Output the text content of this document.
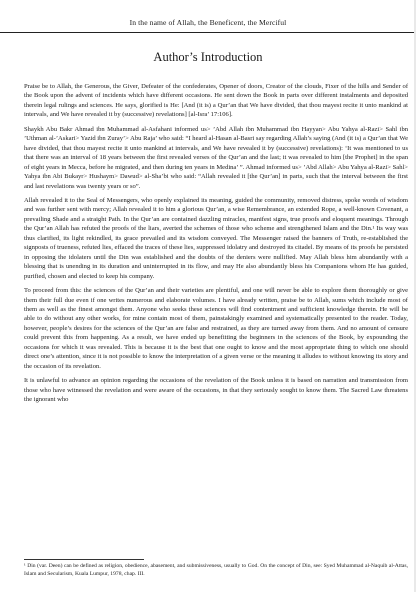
In the name of Allah, the Beneficent, the Merciful
Author’s Introduction

Praise be to Allah, the Generous, the Giver, Defeater of the confederates, Opener of doors, Creator of the clouds, Fixer of the hills and Sender of the Book upon the advent of incidents which have different occasions. He sent down the Book in parts over different instalments and deposited therein legal rulings and sciences. He says, glorified is He: [And (it is) a Qur’an that We have divided, that thou mayest recite it unto mankind at intervals, and We have revealed it by (successive) revelations] [al-Isra’ 17:106].

Shaykh Abu Bakr Ahmad ibn Muhammad al-Asfahani informed us> ’Abd Allah ibn Muhammad ibn Hayyan> Abu Yahya al-Razi> Sahl ibn ’Uthman al-’Askari> Yazid ibn Zuray’> Abu Raja’ who said: “I heard al-Hasan al-Basri say regarding Allah’s saying (And (it is) a Qur’an that We have divided, that thou mayest recite it unto mankind at intervals, and We have revealed it by (successive) revelations): ‘It was mentioned to us that there was an interval of 18 years between the first revealed verses of the Qur’an and the last; it was revealed to him [the Prophet] in the span of eight years in Mecca, before he migrated, and then during ten years in Medina’ ”. Ahmad informed us> ’Abd Allah> Abu Yahya al-Razi> Sahl> Yahya ibn Abi Bukayr> Hushaym> Dawud> al-Sha’bi who said: “Allah revealed it [the Qur’an] in parts, such that the interval between the first and last revelations was twenty years or so”.

Allah revealed it to the Seal of Messengers, who openly explained its meaning, guided the community, removed distress, spoke words of wisdom and was further sent with mercy; Allah revealed it to him a glorious Qur’an, a wise Remembrance, an extended Rope, a well-known Covenant, a prevailing Shade and a straight Path. In the Qur’an are contained dazzling miracles, manifest signs, true proofs and eloquent meanings. Through the Qur’an Allah has refuted the proofs of the liars, averted the schemes of those who scheme and strengthened Islam and the Din.¹ Its way was thus clarified, its light rekindled, its grace prevailed and its wisdom conveyed. The Messenger raised the banners of Truth, re-established the signposts of trueness, refuted lies, effaced the traces of these lies, suppressed idolatry and destroyed its citadel. By means of its proofs he persisted in opposing the idolaters until the Din was established and the doubts of the deniers were nullified. May Allah bless him abundantly with a blessing that is unending in its duration and uninterrupted in its flow, and may He also abundantly bless his Companions whom He has guided, purified, chosen and elected to keep his company.

To proceed from this: the sciences of the Qur’an and their varieties are plentiful, and one will never be able to explore them thoroughly or give them their full due even if one writes numerous and elaborate volumes. I have already written, praise be to Allah, sums which include most of them as well as the finest amongst them. Anyone who seeks these sciences will find contentment and sufficient knowledge therein. He will be able to do without any other works, for mine contain most of them, painstakingly examined and systematically presented to the reader. Today, however, people’s desires for the sciences of the Qur’an are false and restrained, as they are turned away from them. And no amount of censure could prevent this from happening. As a result, we have ended up benefitting the beginners in the sciences of the Book, by expounding the occasions for which it was revealed. This is because it is the best that one ought to know and the most appropriate thing to which one should direct one’s attention, since it is not possible to know the interpretation of a given verse or the meaning it alludes to without knowing its story and the occasion of its revelation.

It is unlawful to advance an opinion regarding the occasions of the revelation of the Book unless it is based on narration and transmission from those who have witnessed the revelation and were aware of the occasions, in that they seriously sought to know them. The Sacred Law threatens the ignorant who

¹ Din (var. Deen) can be defined as religion, obedience, abasement, and submissiveness, usually to God. On the concept of Din, see: Syed Muhammad al-Naquib al-Attas, Islam and Secularism, Kuala Lumpur, 1978, chap. III.
